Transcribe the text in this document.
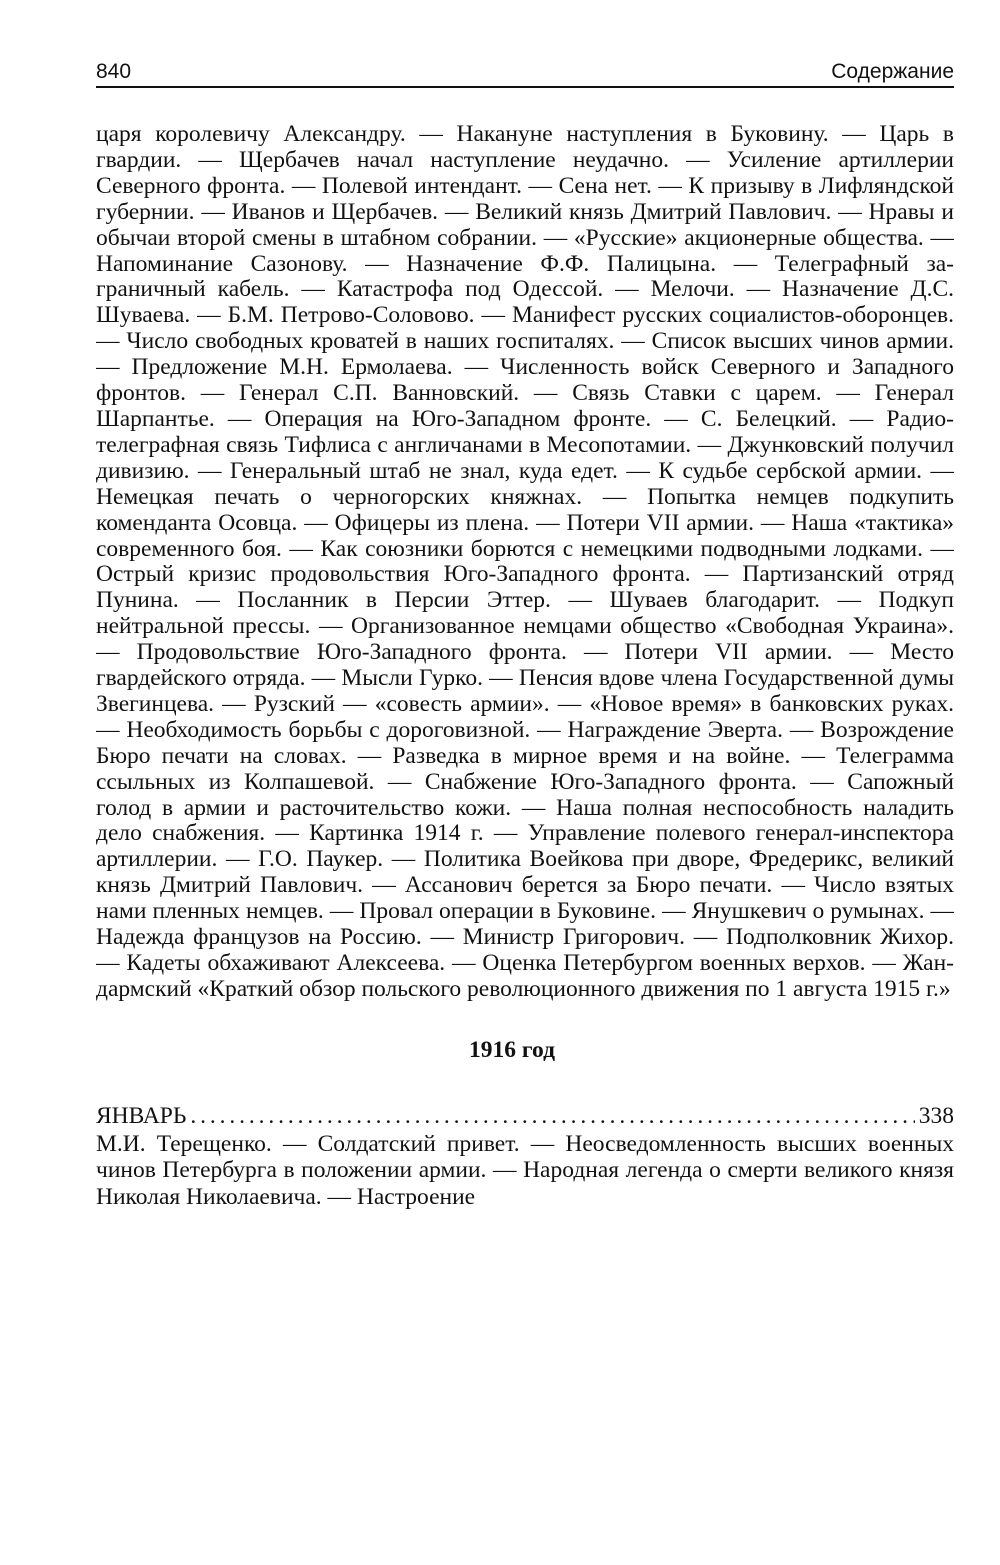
840	Содержание

царя королевичу Александру. — Накануне наступления в Буковину. — Царь в гвардии. — Щербачев начал наступление неудачно. — Усиление артиллерии Северного фронта. — Полевой интендант. — Сена нет. — К призыву в Лифляндской губернии. — Иванов и Щербачев. — Великий князь Дмитрий Павлович. — Нравы и обычаи второй смены в штабном собрании. — «Русские» акционерные общества. — Напоминание Сазонову. — Назначение Ф.Ф. Палицына. — Телеграфный заграничный кабель. — Катастрофа под Одессой. — Мелочи. — Назначение Д.С. Шуваева. — Б.М. Петрово-Соловово. — Манифест русских социалистов-оборонцев. — Число свободных кроватей в наших госпиталях. — Список высших чинов армии. — Предложение М.Н. Ермолаева. — Численность войск Северного и Западного фронтов. — Генерал С.П. Ванновский. — Связь Ставки с царем. — Генерал Шарпантье. — Операция на Юго-Западном фронте. — С. Белецкий. — Радиотелеграфная связь Тифлиса с англичанами в Месопотамии. — Джунковский получил дивизию. — Генеральный штаб не знал, куда едет. — К судьбе сербской армии. — Немецкая печать о черногорских княжнах. — Попытка немцев подкупить коменданта Осовца. — Офицеры из плена. — Потери VII армии. — Наша «тактика» современного боя. — Как союзники борются с немецкими подводными лодками. — Острый кризис продовольствия Юго-Западного фронта. — Партизанский отряд Пунина. — Посланник в Персии Эттер. — Шуваев благодарит. — Подкуп нейтральной прессы. — Организованное немцами общество «Свободная Украина». — Продовольствие Юго-Западного фронта. — Потери VII армии. — Место гвардейского отряда. — Мысли Гурко. — Пенсия вдове члена Государственной думы Звегинцева. — Рузский — «совесть армии». — «Новое время» в банковских руках. — Необходимость борьбы с дороговизной. — Награждение Эверта. — Возрождение Бюро печати на словах. — Разведка в мирное время и на войне. — Телеграмма ссыльных из Колпашевой. — Снабжение Юго-Западного фронта. — Сапожный голод в армии и расточительство кожи. — Наша полная неспособность наладить дело снабжения. — Картинка 1914 г. — Управление полевого генерал-инспектора артиллерии. — Г.О. Паукер. — Политика Воейкова при дворе, Фредерикс, великий князь Дмитрий Павлович. — Ассанович берется за Бюро печати. — Число взятых нами пленных немцев. — Провал операции в Буковине. — Янушкевич о румынах. — Надежда французов на Россию. — Министр Григорович. — Подполковник Жихор. — Кадеты обхаживают Алексеева. — Оценка Петербургом военных верхов. — Жандармский «Краткий обзор польского революционного движения по 1 августа 1915 г.»

1916 год
ЯНВАРЬ
. . .	338

М.И. Терещенко. — Солдатский привет. — Неосведомленность высших военных чинов Петербурга в положении армии. — Народная легенда о смерти великого князя Николая Николаевича. — Настроение
